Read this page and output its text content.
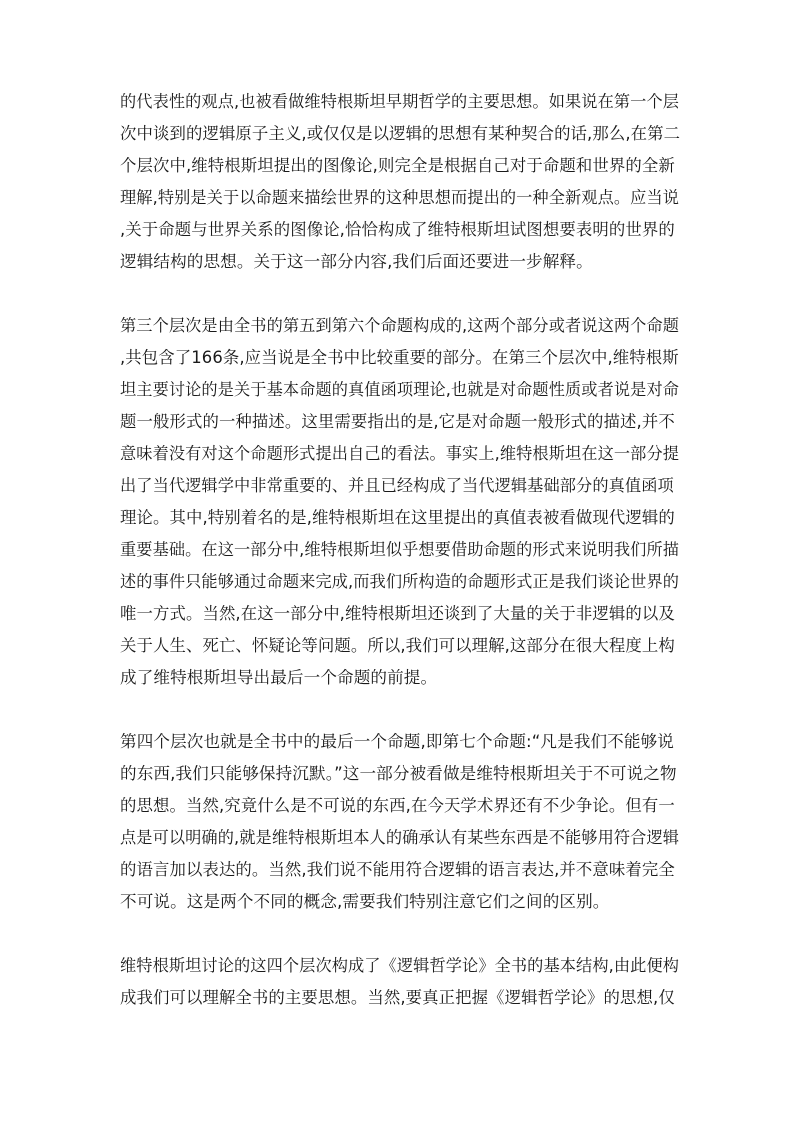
的代表性的观点,也被看做维特根斯坦早期哲学的主要思想。如果说在第一个层
次中谈到的逻辑原子主义,或仅仅是以逻辑的思想有某种契合的话,那么,在第二
个层次中,维特根斯坦提出的图像论,则完全是根据自己对于命题和世界的全新
理解,特别是关于以命题来描绘世界的这种思想而提出的一种全新观点。应当说
,关于命题与世界关系的图像论,恰恰构成了维特根斯坦试图想要表明的世界的
逻辑结构的思想。关于这一部分内容,我们后面还要进一步解释。
第三个层次是由全书的第五到第六个命题构成的,这两个部分或者说这两个命题
,共包含了166条,应当说是全书中比较重要的部分。在第三个层次中,维特根斯
坦主要讨论的是关于基本命题的真值函项理论,也就是对命题性质或者说是对命
题一般形式的一种描述。这里需要指出的是,它是对命题一般形式的描述,并不
意味着没有对这个命题形式提出自己的看法。事实上,维特根斯坦在这一部分提
出了当代逻辑学中非常重要的、并且已经构成了当代逻辑基础部分的真值函项
理论。其中,特别着名的是,维特根斯坦在这里提出的真值表被看做现代逻辑的
重要基础。在这一部分中,维特根斯坦似乎想要借助命题的形式来说明我们所描
述的事件只能够通过命题来完成,而我们所构造的命题形式正是我们谈论世界的
唯一方式。当然,在这一部分中,维特根斯坦还谈到了大量的关于非逻辑的以及
关于人生、死亡、怀疑论等问题。所以,我们可以理解,这部分在很大程度上构
成了维特根斯坦导出最后一个命题的前提。
第四个层次也就是全书中的最后一个命题,即第七个命题:“凡是我们不能够说
的东西,我们只能够保持沉默。”这一部分被看做是维特根斯坦关于不可说之物
的思想。当然,究竟什么是不可说的东西,在今天学术界还有不少争论。但有一
点是可以明确的,就是维特根斯坦本人的确承认有某些东西是不能够用符合逻辑
的语言加以表达的。当然,我们说不能用符合逻辑的语言表达,并不意味着完全
不可说。这是两个不同的概念,需要我们特别注意它们之间的区别。
维特根斯坦讨论的这四个层次构成了《逻辑哲学论》全书的基本结构,由此便构
成我们可以理解全书的主要思想。当然,要真正把握《逻辑哲学论》的思想,仅
